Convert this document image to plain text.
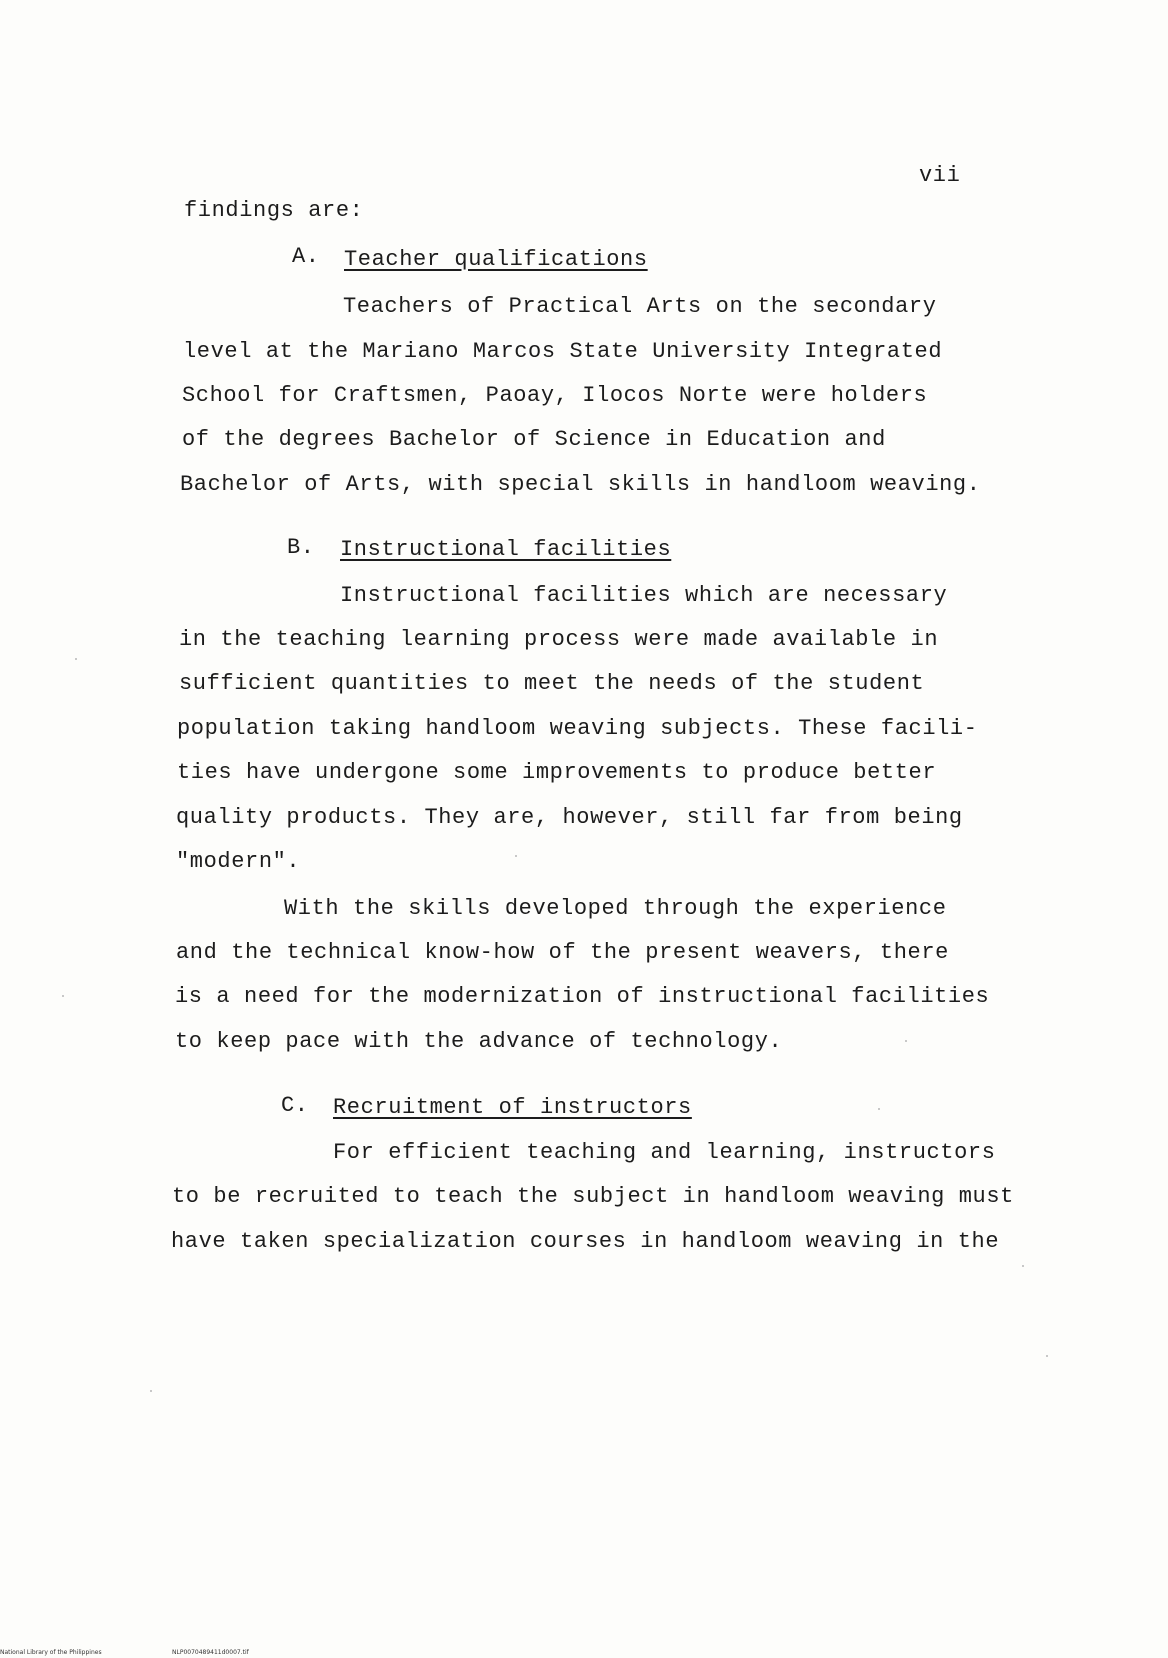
vii
findings are:
A. Teacher qualifications
Teachers of Practical Arts on the secondary
level at the Mariano Marcos State University Integrated
School for Craftsmen, Paoay, Ilocos Norte were holders
of the degrees Bachelor of Science in Education and
Bachelor of Arts, with special skills in handloom weaving.
B. Instructional facilities
Instructional facilities which are necessary
in the teaching learning process were made available in
sufficient quantities to meet the needs of the student
population taking handloom weaving subjects. These facili-
ties have undergone some improvements to produce better
quality products. They are, however, still far from being
"modern".
With the skills developed through the experience
and the technical know-how of the present weavers, there
is a need for the modernization of instructional facilities
to keep pace with the advance of technology.
C. Recruitment of instructors
For efficient teaching and learning, instructors
to be recruited to teach the subject in handloom weaving must
have taken specialization courses in handloom weaving in the
National Library of the Philippines	NLP0070489411d0007.tif
